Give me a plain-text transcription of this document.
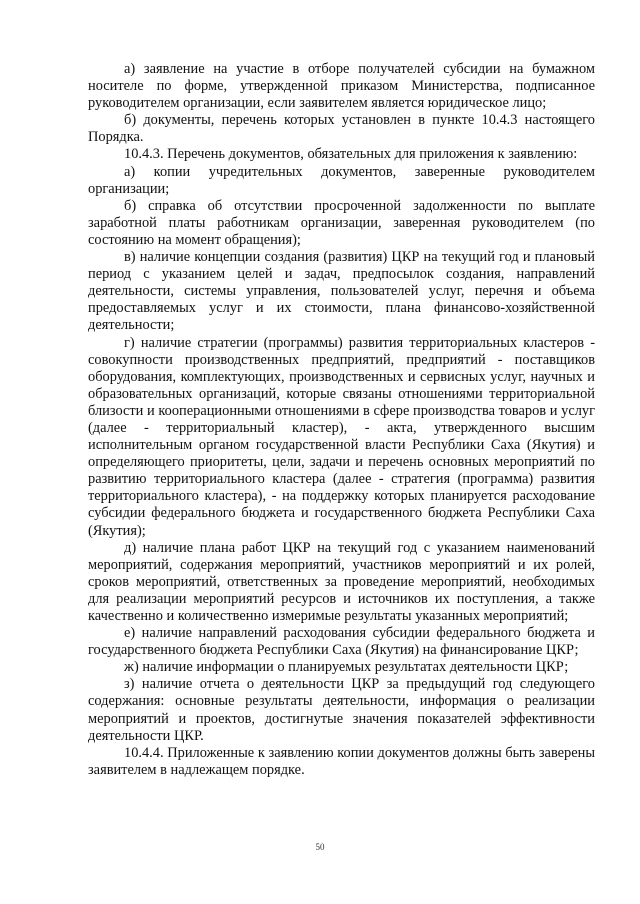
а) заявление на участие в отборе получателей субсидии на бумажном носителе по форме, утвержденной приказом Министерства, подписанное руководителем организации, если заявителем является юридическое лицо;

б) документы, перечень которых установлен в пункте 10.4.3 настоящего Порядка.

10.4.3. Перечень документов, обязательных для приложения к заявлению:

а) копии учредительных документов, заверенные руководителем организации;

б) справка об отсутствии просроченной задолженности по выплате заработной платы работникам организации, заверенная руководителем (по состоянию на момент обращения);

в) наличие концепции создания (развития) ЦКР на текущий год и плановый период с указанием целей и задач, предпосылок создания, направлений деятельности, системы управления, пользователей услуг, перечня и объема предоставляемых услуг и их стоимости, плана финансово-хозяйственной деятельности;

г) наличие стратегии (программы) развития территориальных кластеров - совокупности производственных предприятий, предприятий - поставщиков оборудования, комплектующих, производственных и сервисных услуг, научных и образовательных организаций, которые связаны отношениями территориальной близости и кооперационными отношениями в сфере производства товаров и услуг (далее - территориальный кластер), - акта, утвержденного высшим исполнительным органом государственной власти Республики Саха (Якутия) и определяющего приоритеты, цели, задачи и перечень основных мероприятий по развитию территориального кластера (далее - стратегия (программа) развития территориального кластера), - на поддержку которых планируется расходование субсидии федерального бюджета и государственного бюджета Республики Саха (Якутия);

д) наличие плана работ ЦКР на текущий год с указанием наименований мероприятий, содержания мероприятий, участников мероприятий и их ролей, сроков мероприятий, ответственных за проведение мероприятий, необходимых для реализации мероприятий ресурсов и источников их поступления, а также качественно и количественно измеримые результаты указанных мероприятий;

е) наличие направлений расходования субсидии федерального бюджета и государственного бюджета Республики Саха (Якутия) на финансирование ЦКР;

ж) наличие информации о планируемых результатах деятельности ЦКР;

з) наличие отчета о деятельности ЦКР за предыдущий год следующего содержания: основные результаты деятельности, информация о реализации мероприятий и проектов, достигнутые значения показателей эффективности деятельности ЦКР.

10.4.4. Приложенные к заявлению копии документов должны быть заверены заявителем в надлежащем порядке.

50
